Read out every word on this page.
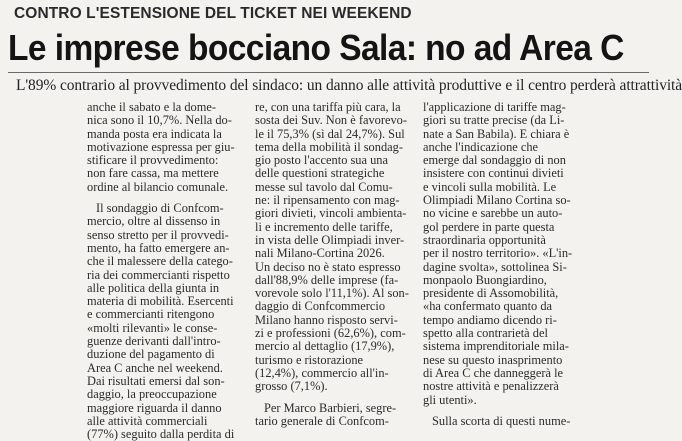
CONTRO L'ESTENSIONE DEL TICKET NEI WEEKEND
Le imprese bocciano Sala: no ad Area C
L'89% contrario al provvedimento del sindaco: un danno alle attività produttive e il centro perderà attrattività
anche il sabato e la dome-
nica sono il 10,7%. Nella do-
manda posta era indicata la
motivazione espressa per giu-
stificare il provvedimento:
non fare cassa, ma mettere
ordine al bilancio comunale.
Il sondaggio di Confcom-
mercio, oltre al dissenso in
senso stretto per il provvedi-
mento, ha fatto emergere an-
che il malessere della catego-
ria dei commercianti rispetto
alle politica della giunta in
materia di mobilità. Esercenti
e commercianti ritengono
«molti rilevanti» le conse-
guenze derivanti dall'intro-
duzione del pagamento di
Area C anche nel weekend.
Dai risultati emersi dal son-
daggio, la preoccupazione
maggiore riguarda il danno
alle attività commerciali
(77%) seguito dalla perdita di
re, con una tariffa più cara, la
sosta dei Suv. Non è favorevo-
le il 75,3% (sì dal 24,7%). Sul
tema della mobilità il sondag-
gio posto l'accento sua una
delle questioni strategiche
messe sul tavolo dal Comu-
ne: il ripensamento con mag-
giori divieti, vincoli ambienta-
li e incremento delle tariffe,
in vista delle Olimpiadi inver-
nali Milano-Cortina 2026.
Un deciso no è stato espresso
dall'88,9% delle imprese (fa-
vorevole solo l'11,1%). Al son-
daggio di Confcommercio
Milano hanno risposto servi-
zi e professioni (62,6%), com-
mercio al dettaglio (17,9%),
turismo e ristorazione
(12,4%), commercio all'in-
grosso (7,1%).
Per Marco Barbieri, segre-
tario generale di Confcom-
l'applicazione di tariffe mag-
giori su tratte precise (da Li-
nate a San Babila). E chiara è
anche l'indicazione che
emerge dal sondaggio di non
insistere con continui divieti
e vincoli sulla mobilità. Le
Olimpiadi Milano Cortina so-
no vicine e sarebbe un auto-
gol perdere in parte questa
straordinaria opportunità
per il nostro territorio». «L'in-
dagine svolta», sottolinea Si-
monpaolo Buongiardino,
presidente di Assomobilità,
«ha confermato quanto da
tempo andiamo dicendo ri-
spetto alla contrarietà del
sistema imprenditoriale mila-
nese su questo inasprimento
di Area C che danneggerà le
nostre attività e penalizzerà
gli utenti».
Sulla scorta di questi nume-
